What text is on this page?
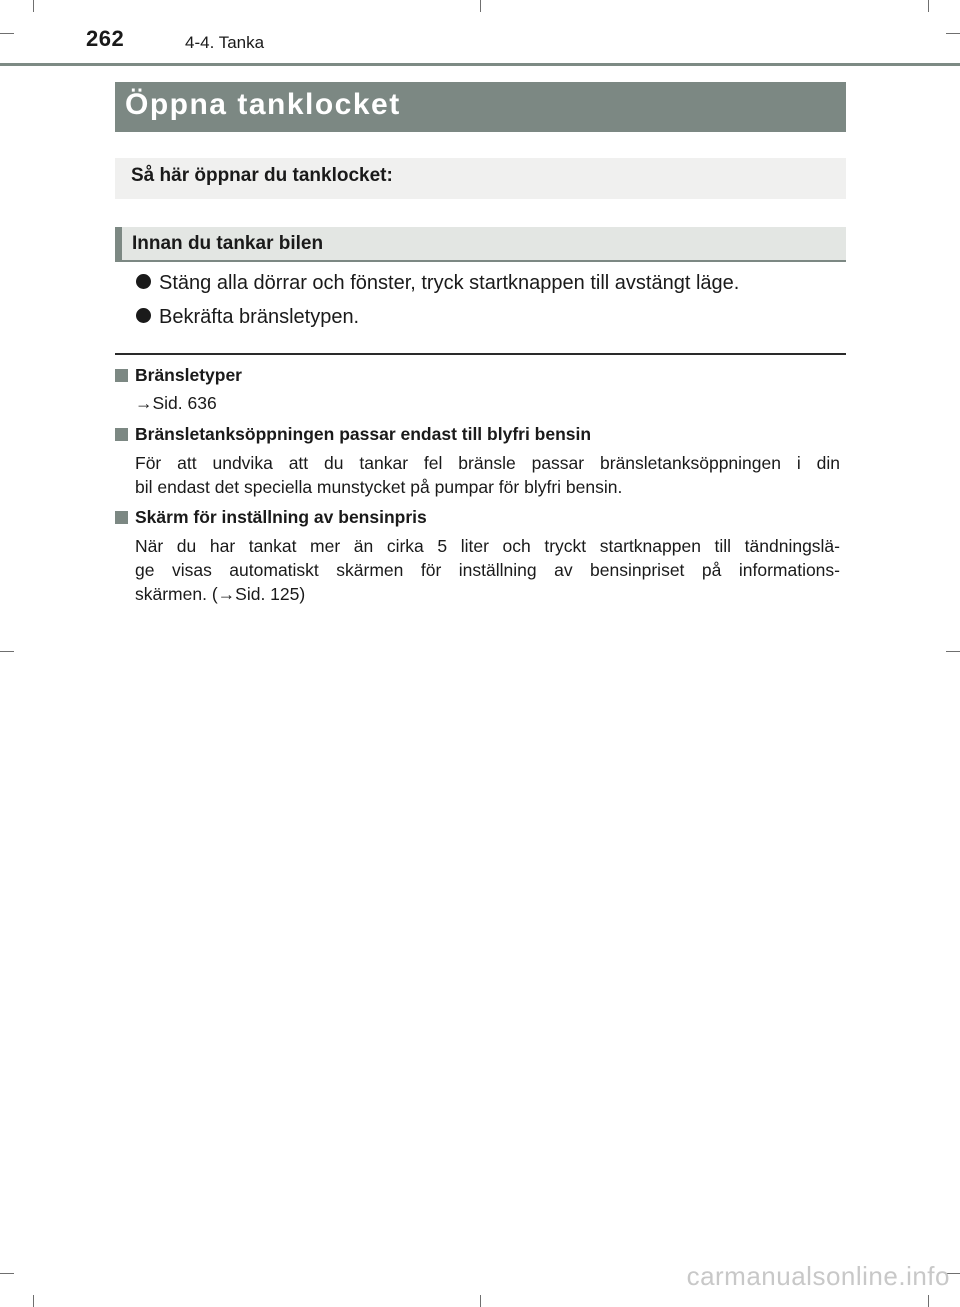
262	4-4. Tanka
Öppna tanklocket
Så här öppnar du tanklocket:
Innan du tankar bilen
Stäng alla dörrar och fönster, tryck startknappen till avstängt läge.
Bekräfta bränsletypen.
Bränsletyper
→Sid. 636
Bränsletanksöppningen passar endast till blyfri bensin
För att undvika att du tankar fel bränsle passar bränsletanksöppningen i din
bil endast det speciella munstycket på pumpar för blyfri bensin.
Skärm för inställning av bensinpris
När du har tankat mer än cirka 5 liter och tryckt startknappen till tändningslä-
ge visas automatiskt skärmen för inställning av bensinpriset på informations-
skärmen. (→Sid. 125)
carmanualsonline.info
